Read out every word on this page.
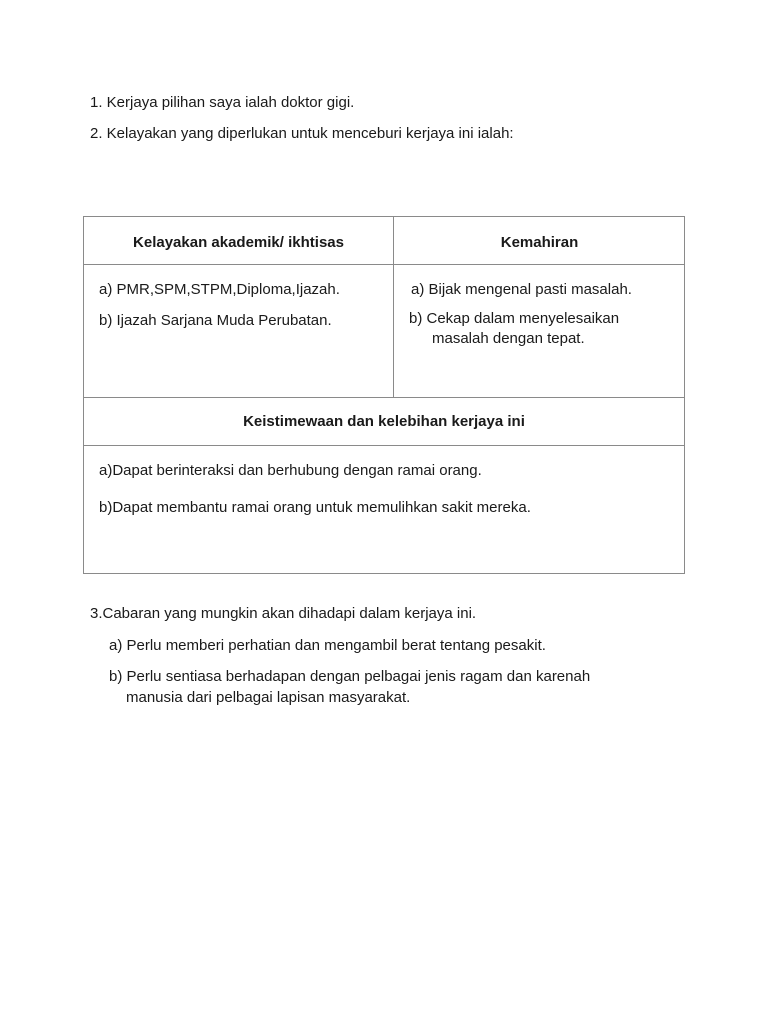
1. Kerjaya pilihan saya ialah doktor gigi.
2. Kelayakan yang diperlukan untuk menceburi kerjaya ini ialah:
Kelayakan akademik/ ikhtisas	Kemahiran
a) PMR,SPM,STPM,Diploma,Ijazah.
b) Ijazah Sarjana Muda Perubatan.
a) Bijak mengenal pasti masalah.
b) Cekap dalam menyelesaikan
masalah dengan tepat.
Keistimewaan dan kelebihan kerjaya ini
a)Dapat berinteraksi dan berhubung dengan ramai orang.
b)Dapat membantu ramai orang untuk memulihkan sakit mereka.
3.Cabaran yang mungkin akan dihadapi dalam kerjaya ini.
a) Perlu memberi perhatian dan mengambil berat tentang pesakit.
b) Perlu sentiasa berhadapan dengan pelbagai jenis ragam dan karenah
manusia dari pelbagai lapisan masyarakat.
